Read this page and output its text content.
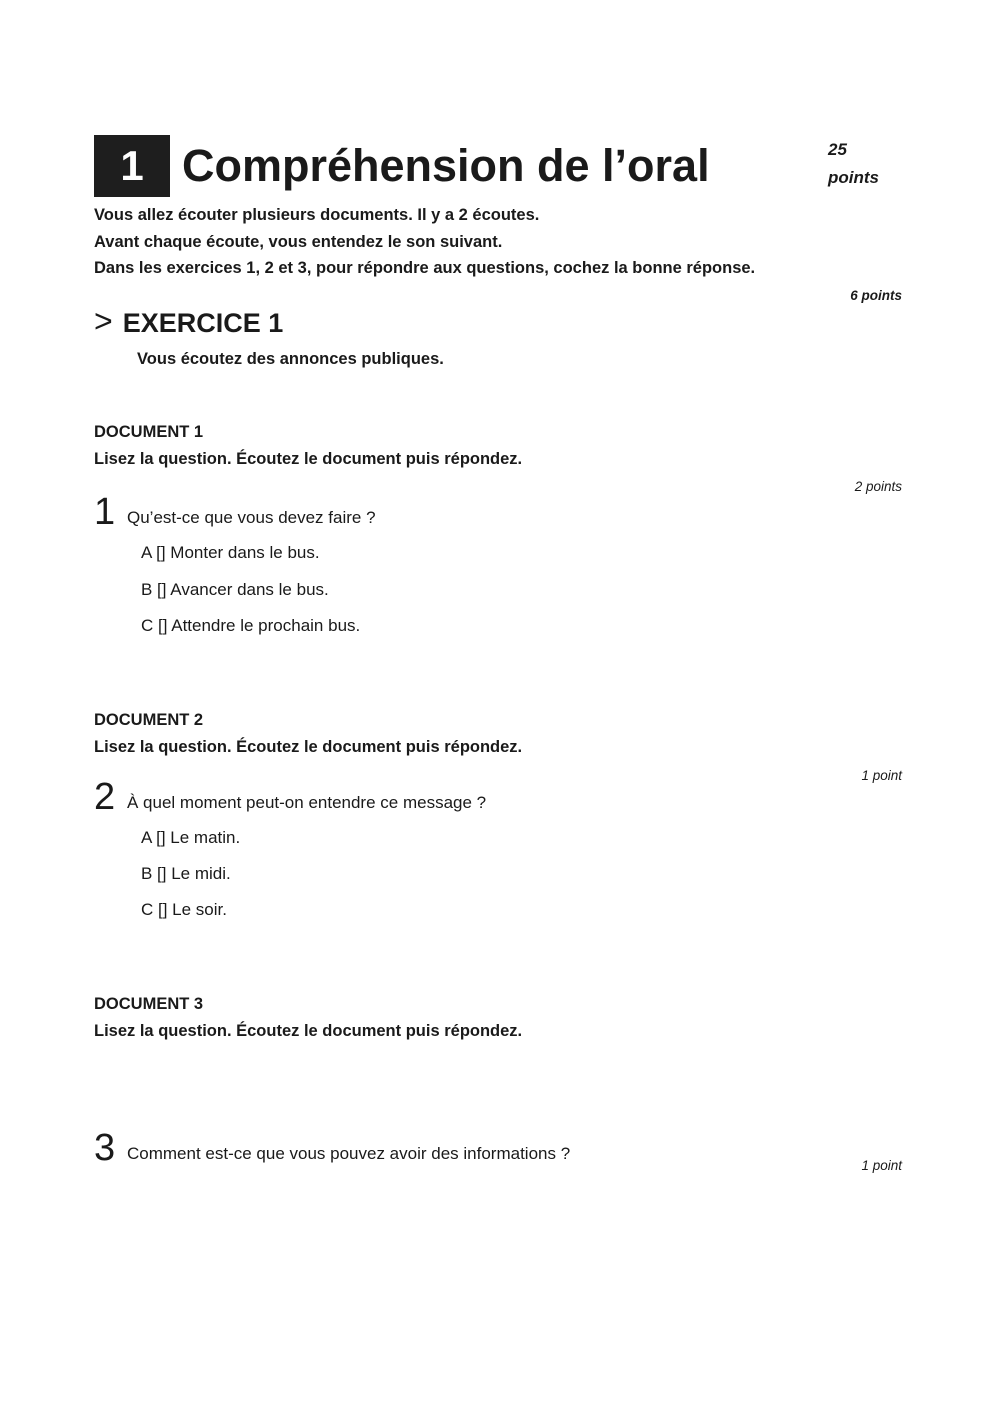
1 Compréhension de l’oral	25
points
Vous allez écouter plusieurs documents. Il y a 2 écoutes.
Avant chaque écoute, vous entendez le son suivant.
Dans les exercices 1, 2 et 3, pour répondre aux questions, cochez la bonne réponse.
6 points
> EXERCICE 1
Vous écoutez des annonces publiques.
DOCUMENT 1
Lisez la question. Écoutez le document puis répondez.
2 points
1 Qu’est-ce que vous devez faire ?
A [] Monter dans le bus.
B [] Avancer dans le bus.
C [] Attendre le prochain bus.
DOCUMENT 2
Lisez la question. Écoutez le document puis répondez.
1 point
2 À quel moment peut-on entendre ce message ?
A [] Le matin.
B [] Le midi.
C [] Le soir.
DOCUMENT 3
Lisez la question. Écoutez le document puis répondez.
3 Comment est-ce que vous pouvez avoir des informations ?
1 point
